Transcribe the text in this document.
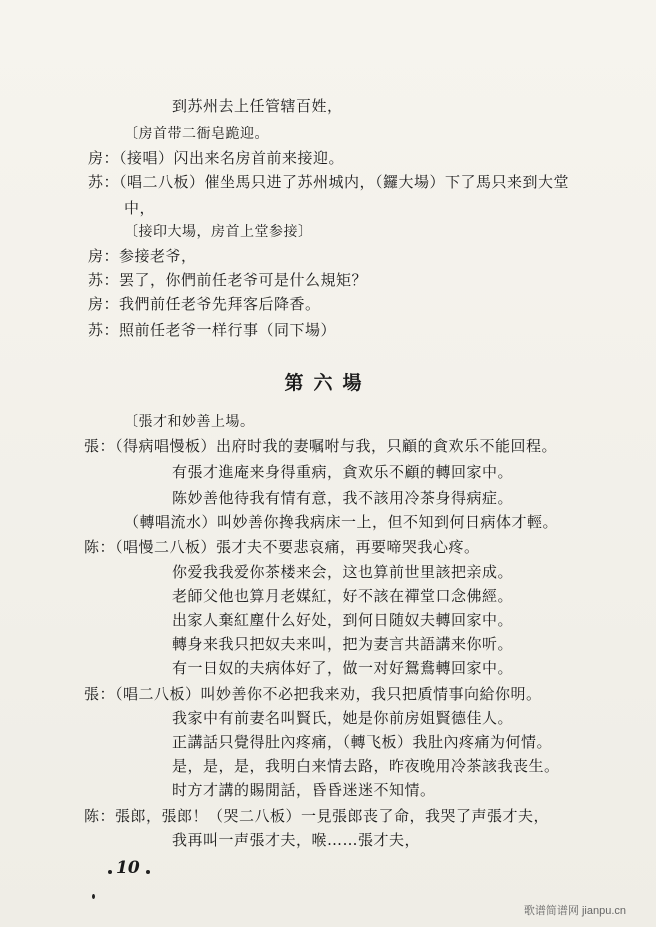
到苏州去上任管辖百姓，
〔房首带二衙皂跪迎。
房：（接唱）闪出来名房首前来接迎。
苏：（唱二八板）催坐馬只进了苏州城内，（鑼大場）下了馬只来到大堂
中，
〔接印大場，房首上堂参接〕
房：参接老爷，
苏：罢了，你們前任老爷可是什么規矩？
房：我們前任老爷先拜客后降香。
苏：照前任老爷一样行事（同下場）
第六場
〔張才和妙善上場。
張：（得病唱慢板）出府时我的妻嘱咐与我，只顧的貪欢乐不能回程。
有張才進庵来身得重病，貪欢乐不顧的轉回家中。
陈妙善他待我有情有意，我不該用冷茶身得病症。
（轉唱流水）叫妙善你搀我病床一上，但不知到何日病体才輕。
陈：（唱慢二八板）張才夫不要悲哀痛，再要啼哭我心疼。
你爱我我爱你茶楼来会，这也算前世里該把亲成。
老師父他也算月老媒紅，好不該在禪堂口念佛經。
出家人棄紅塵什么好处，到何日随奴夫轉回家中。
轉身来我只把奴夫来叫，把为妻言共語講来你听。
有一日奴的夫病体好了，做一对好鴛鴦轉回家中。
張：（唱二八板）叫妙善你不必把我来劝，我只把貭情事向給你明。
我家中有前妻名叫賢氏，她是你前房姐賢德佳人。
正講話只覺得肚內疼痛，（轉飞板）我肚內疼痛为何情。
是，是，是，我明白来情去路，昨夜晚用冷茶該我丧生。
时方才講的賜閒話，昏昏迷迷不知情。
陈：張郎，張郎！（哭二八板）一見張郎丧了命，我哭了声張才夫，
我再叫一声張才夫，喉……張才夫，
10
歌谱简谱网 jianpu.cn
